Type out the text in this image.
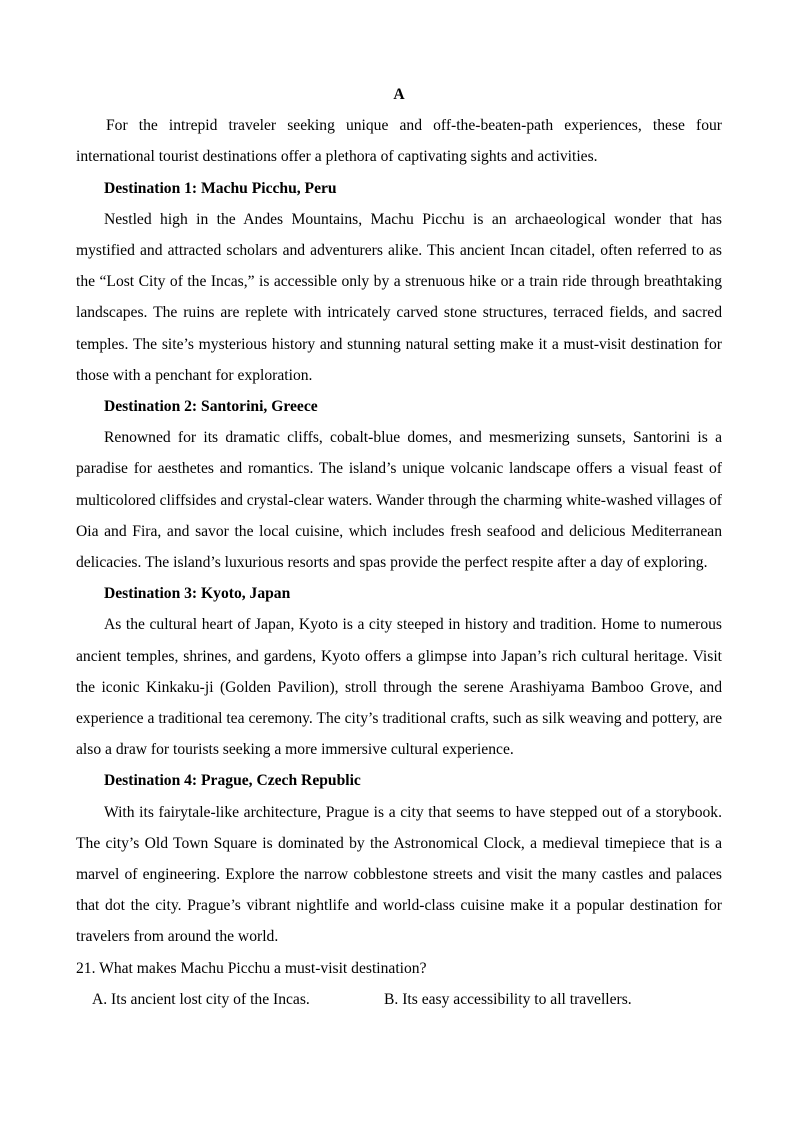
A

For the intrepid traveler seeking unique and off-the-beaten-path experiences, these four international tourist destinations offer a plethora of captivating sights and activities.

Destination 1: Machu Picchu, Peru

Nestled high in the Andes Mountains, Machu Picchu is an archaeological wonder that has mystified and attracted scholars and adventurers alike. This ancient Incan citadel, often referred to as the “Lost City of the Incas,” is accessible only by a strenuous hike or a train ride through breathtaking landscapes. The ruins are replete with intricately carved stone structures, terraced fields, and sacred temples. The site’s mysterious history and stunning natural setting make it a must-visit destination for those with a penchant for exploration.

Destination 2: Santorini, Greece

Renowned for its dramatic cliffs, cobalt-blue domes, and mesmerizing sunsets, Santorini is a paradise for aesthetes and romantics. The island’s unique volcanic landscape offers a visual feast of multicolored cliffsides and crystal-clear waters. Wander through the charming white-washed villages of Oia and Fira, and savor the local cuisine, which includes fresh seafood and delicious Mediterranean delicacies. The island’s luxurious resorts and spas provide the perfect respite after a day of exploring.

Destination 3: Kyoto, Japan

As the cultural heart of Japan, Kyoto is a city steeped in history and tradition. Home to numerous ancient temples, shrines, and gardens, Kyoto offers a glimpse into Japan’s rich cultural heritage. Visit the iconic Kinkaku-ji (Golden Pavilion), stroll through the serene Arashiyama Bamboo Grove, and experience a traditional tea ceremony. The city’s traditional crafts, such as silk weaving and pottery, are also a draw for tourists seeking a more immersive cultural experience.

Destination 4: Prague, Czech Republic

With its fairytale-like architecture, Prague is a city that seems to have stepped out of a storybook. The city’s Old Town Square is dominated by the Astronomical Clock, a medieval timepiece that is a marvel of engineering. Explore the narrow cobblestone streets and visit the many castles and palaces that dot the city. Prague’s vibrant nightlife and world-class cuisine make it a popular destination for travelers from around the world.

21. What makes Machu Picchu a must-visit destination?
A. Its ancient lost city of the Incas.	B. Its easy accessibility to all travellers.
